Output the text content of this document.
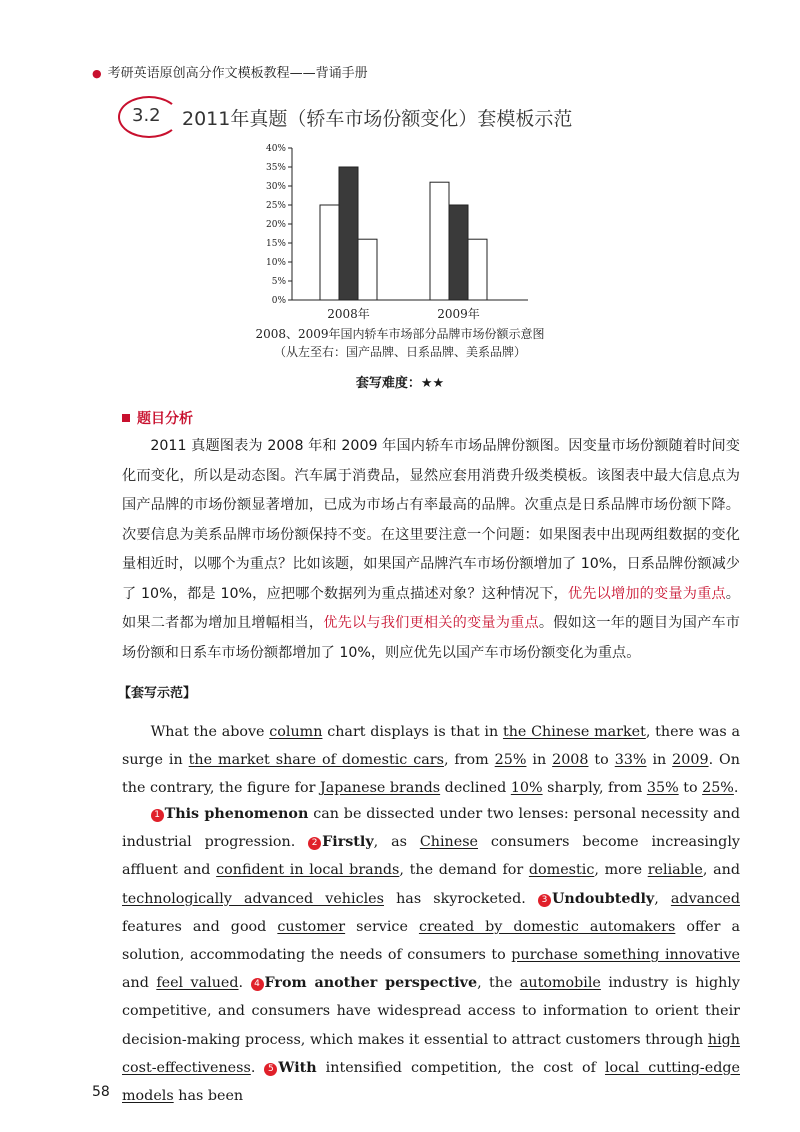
● 考研英语原创高分作文模板教程——背诵手册
3.2 2011年真题（轿车市场份额变化）套模板示范
0%
5%
10%
15%
20%
25%
30%
35%
40%
2008年	2009年
2008、2009年国内轿车市场部分品牌市场份额示意图
（从左至右：国产品牌、日系品牌、美系品牌）
套写难度：★★
题目分析
  2011 真题图表为 2008 年和 2009 年国内轿车市场品牌份额图。因变量市场份额随着时间变化而变化，所以是动态图。汽车属于消费品，显然应套用消费升级类模板。该图表中最大信息点为国产品牌的市场份额显著增加，已成为市场占有率最高的品牌。次重点是日系品牌市场份额下降。次要信息为美系品牌市场份额保持不变。在这里要注意一个问题：如果图表中出现两组数据的变化量相近时，以哪个为重点？比如该题，如果国产品牌汽车市场份额增加了 10%，日系品牌份额减少了 10%，都是 10%，应把哪个数据列为重点描述对象？这种情况下，优先以增加的变量为重点。如果二者都为增加且增幅相当，优先以与我们更相关的变量为重点。假如这一年的题目为国产车市场份额和日系车市场份额都增加了 10%，则应优先以国产车市场份额变化为重点。
【套写示范】
  What the above column chart displays is that in the Chinese market, there was a surge in the market share of domestic cars, from 25% in 2008 to 33% in 2009. On the contrary, the figure for Japanese brands declined 10% sharply, from 35% to 25%.
  1 This phenomenon can be dissected under two lenses: personal necessity and industrial progression. 2 Firstly, as Chinese consumers become increasingly affluent and confident in local brands, the demand for domestic, more reliable, and technologically advanced vehicles has skyrocketed. 3 Undoubtedly, advanced features and good customer service created by domestic automakers offer a solution, accommodating the needs of consumers to purchase something innovative and feel valued. 4 From another perspective, the automobile industry is highly competitive, and consumers have widespread access to information to orient their decision-making process, which makes it essential to attract customers through high cost-effectiveness. 5 With intensified competition, the cost of local cutting-edge models has been
58
